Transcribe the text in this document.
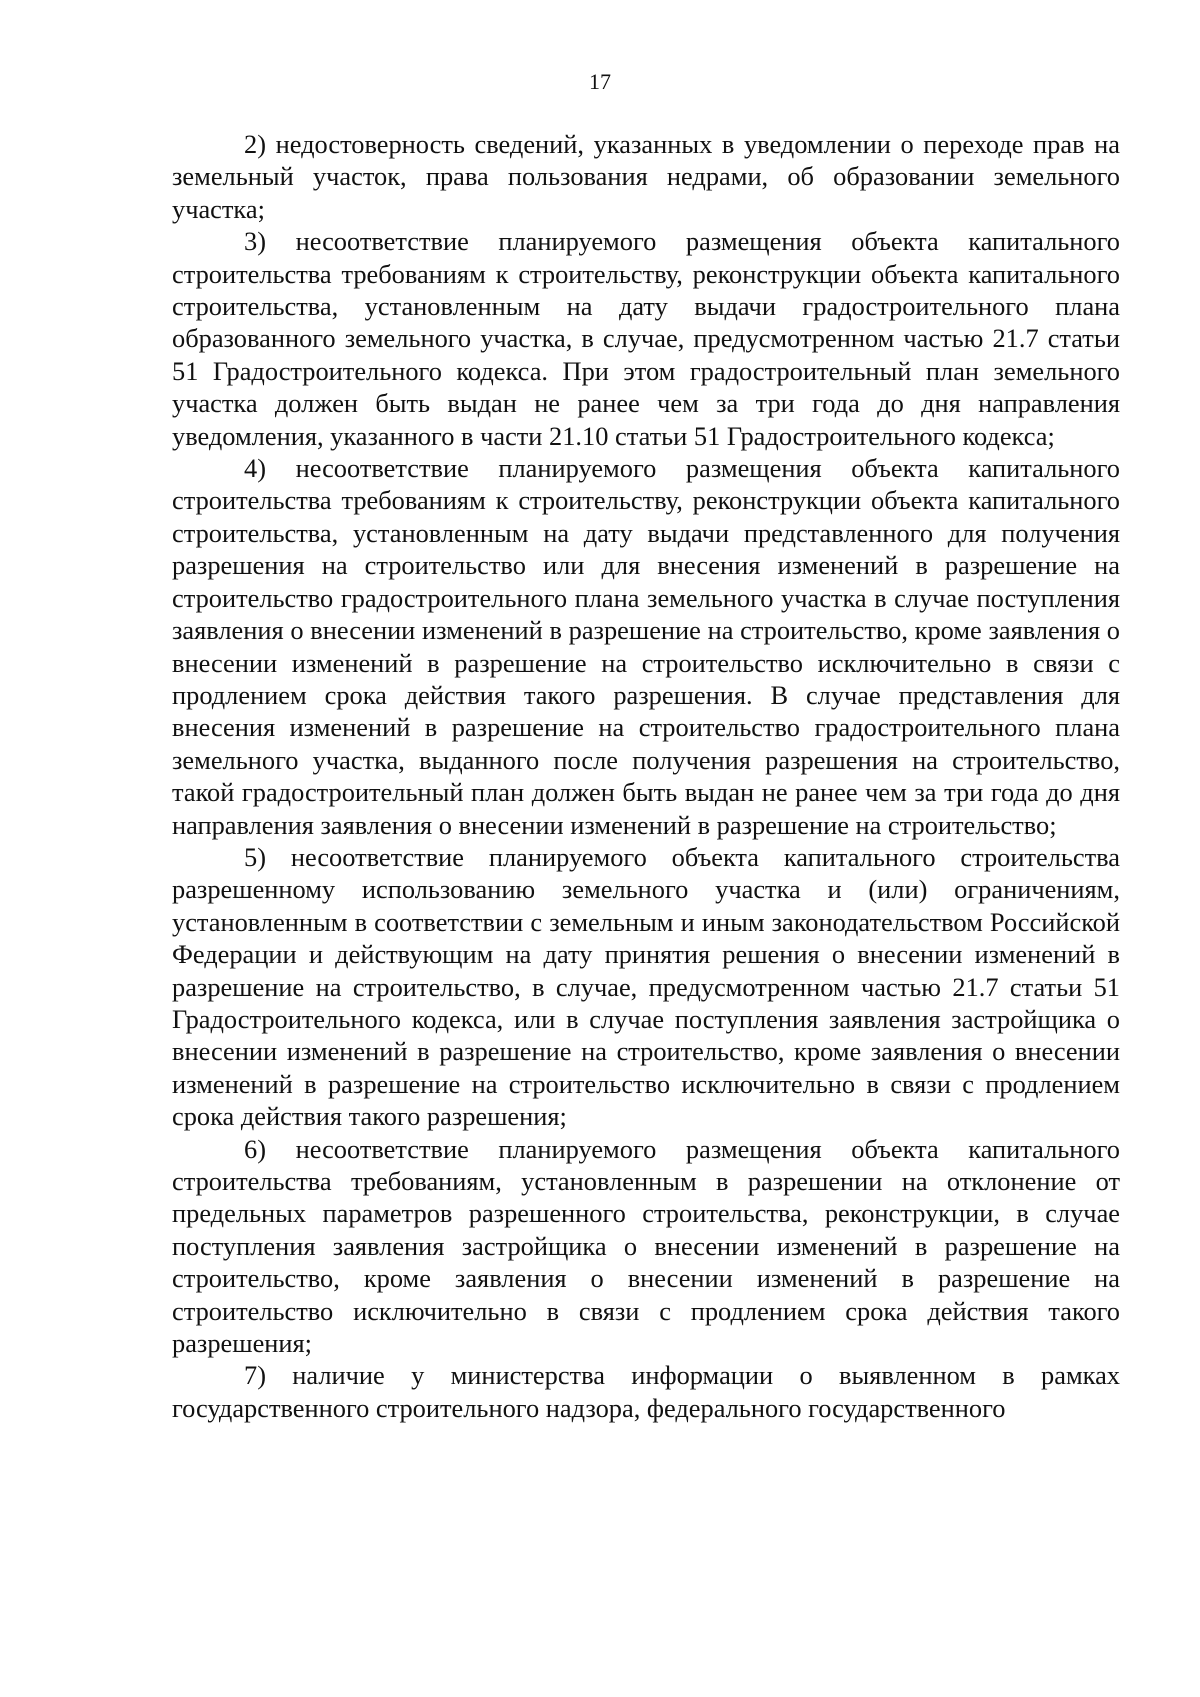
17

2) недостоверность сведений, указанных в уведомлении о переходе прав на земельный участок, права пользования недрами, об образовании земельного участка;

3) несоответствие планируемого размещения объекта капитального строительства требованиям к строительству, реконструкции объекта капитального строительства, установленным на дату выдачи градостроительного плана образованного земельного участка, в случае, предусмотренном частью 21.7 статьи 51 Градостроительного кодекса. При этом градостроительный план земельного участка должен быть выдан не ранее чем за три года до дня направления уведомления, указанного в части 21.10 статьи 51 Градостроительного кодекса;

4) несоответствие планируемого размещения объекта капитального строительства требованиям к строительству, реконструкции объекта капитального строительства, установленным на дату выдачи представленного для получения разрешения на строительство или для внесения изменений в разрешение на строительство градостроительного плана земельного участка в случае поступления заявления о внесении изменений в разрешение на строительство, кроме заявления о внесении изменений в разрешение на строительство исключительно в связи с продлением срока действия такого разрешения. В случае представления для внесения изменений в разрешение на строительство градостроительного плана земельного участка, выданного после получения разрешения на строительство, такой градостроительный план должен быть выдан не ранее чем за три года до дня направления заявления о внесении изменений в разрешение на строительство;

5) несоответствие планируемого объекта капитального строительства разрешенному использованию земельного участка и (или) ограничениям, установленным в соответствии с земельным и иным законодательством Российской Федерации и действующим на дату принятия решения о внесении изменений в разрешение на строительство, в случае, предусмотренном частью 21.7 статьи 51 Градостроительного кодекса, или в случае поступления заявления застройщика о внесении изменений в разрешение на строительство, кроме заявления о внесении изменений в разрешение на строительство исключительно в связи с продлением срока действия такого разрешения;

6) несоответствие планируемого размещения объекта капитального строительства требованиям, установленным в разрешении на отклонение от предельных параметров разрешенного строительства, реконструкции, в случае поступления заявления застройщика о внесении изменений в разрешение на строительство, кроме заявления о внесении изменений в разрешение на строительство исключительно в связи с продлением срока действия такого разрешения;

7) наличие у министерства информации о выявленном в рамках государственного строительного надзора, федерального государственного
